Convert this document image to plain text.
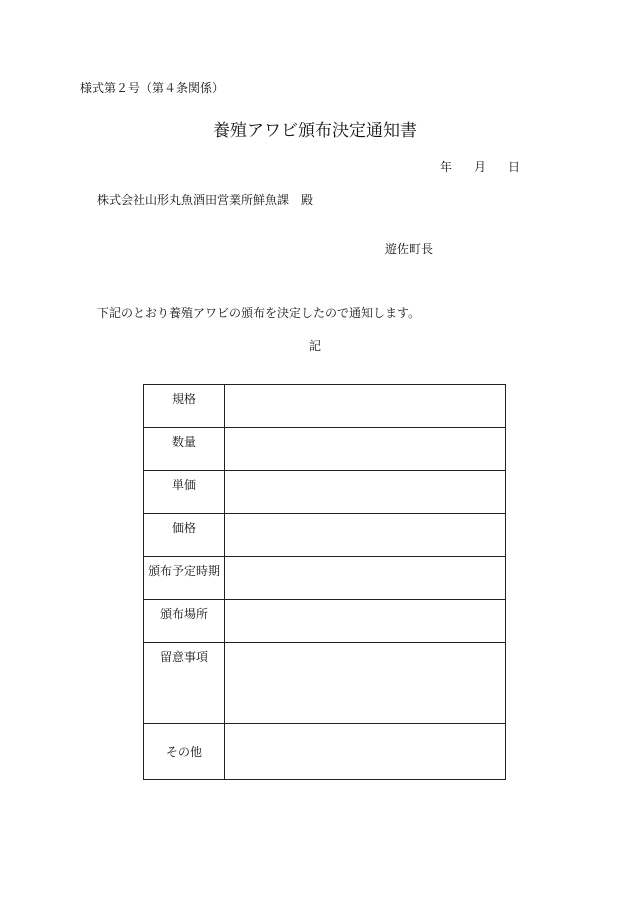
様式第２号（第４条関係）
養殖アワビ頒布決定通知書
年 月 日
株式会社山形丸魚酒田営業所鮮魚課　殿
遊佐町長
下記のとおり養殖アワビの頒布を決定したので通知します。
記
規格	
数量	
単価	
価格	
頒布予定時期	
頒布場所	
留意事項	
その他	
